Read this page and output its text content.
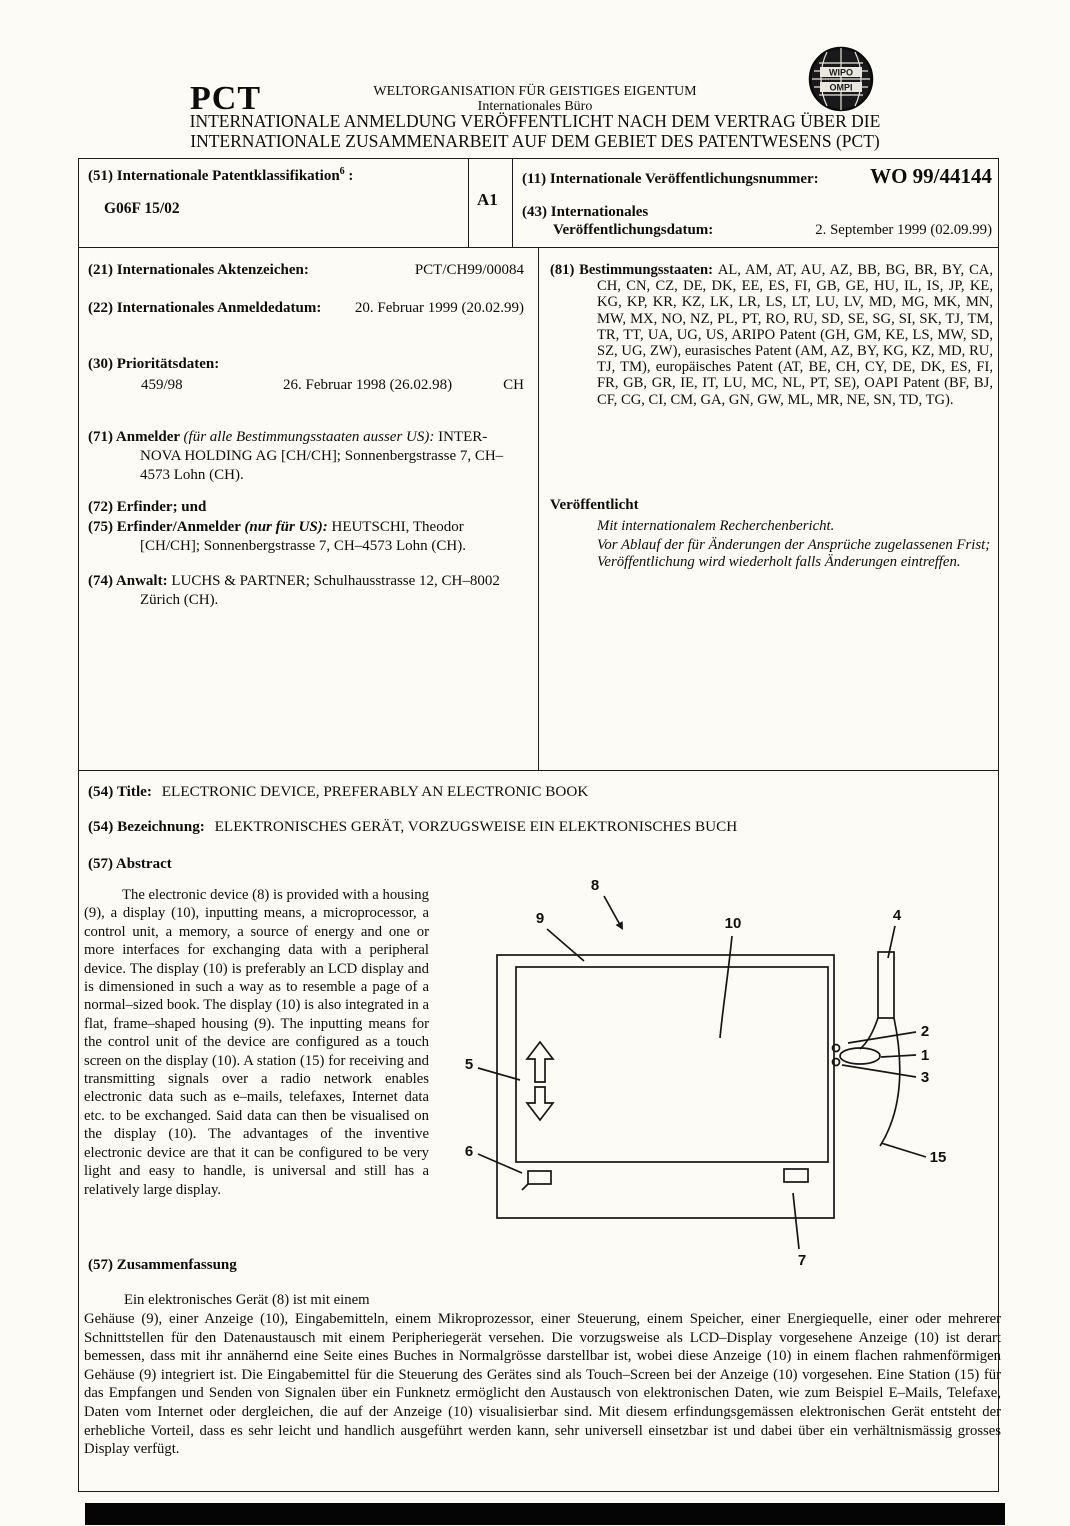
PCT	WELTORGANISATION FÜR GEISTIGES EIGENTUM
Internationales Büro
INTERNATIONALE ANMELDUNG VERÖFFENTLICHT NACH DEM VERTRAG ÜBER DIE
INTERNATIONALE ZUSAMMENARBEIT AUF DEM GEBIET DES PATENTWESENS (PCT)
WIPO
OMPI
(51) Internationale Patentklassifikation$^6$ :
G06F 15/02	A1
(11) Internationale Veröffentlichungsnummer: WO 99/44144
(43) Internationales
Veröffentlichungsdatum:	2. September 1999 (02.09.99)
(21) Internationales Aktenzeichen:	PCT/CH99/00084
(22) Internationales Anmeldedatum: 20. Februar 1999 (20.02.99)
(30) Prioritätsdaten:
459/98	26. Februar 1998 (26.02.98)	CH
(71) Anmelder (für alle Bestimmungsstaaten ausser US): INTER-NOVA HOLDING AG [CH/CH]; Sonnenbergstrasse 7, CH–4573 Lohn (CH).
(72) Erfinder; und
(75) Erfinder/Anmelder (nur für US): HEUTSCHI, Theodor [CH/CH]; Sonnenbergstrasse 7, CH–4573 Lohn (CH).
(74) Anwalt: LUCHS & PARTNER; Schulhausstrasse 12, CH–8002 Zürich (CH).
(81) Bestimmungsstaaten: AL, AM, AT, AU, AZ, BB, BG, BR, BY, CA, CH, CN, CZ, DE, DK, EE, ES, FI, GB, GE, HU, IL, IS, JP, KE, KG, KP, KR, KZ, LK, LR, LS, LT, LU, LV, MD, MG, MK, MN, MW, MX, NO, NZ, PL, PT, RO, RU, SD, SE, SG, SI, SK, TJ, TM, TR, TT, UA, UG, US, ARIPO Patent (GH, GM, KE, LS, MW, SD, SZ, UG, ZW), eurasisches Patent (AM, AZ, BY, KG, KZ, MD, RU, TJ, TM), europäisches Patent (AT, BE, CH, CY, DE, DK, ES, FI, FR, GB, GR, IE, IT, LU, MC, NL, PT, SE), OAPI Patent (BF, BJ, CF, CG, CI, CM, GA, GN, GW, ML, MR, NE, SN, TD, TG).
Veröffentlicht
Mit internationalem Recherchenbericht.
Vor Ablauf der für Änderungen der Ansprüche zugelassenen Frist; Veröffentlichung wird wiederholt falls Änderungen eintreffen.
(54) Title: ELECTRONIC DEVICE, PREFERABLY AN ELECTRONIC BOOK
(54) Bezeichnung: ELEKTRONISCHES GERÄT, VORZUGSWEISE EIN ELEKTRONISCHES BUCH
(57) Abstract
The electronic device (8) is provided with a housing (9), a display (10), inputting means, a microprocessor, a control unit, a memory, a source of energy and one or more interfaces for exchanging data with a peripheral device. The display (10) is preferably an LCD display and is dimensioned in such a way as to resemble a page of a normal–sized book. The display (10) is also integrated in a flat, frame–shaped housing (9). The inputting means for the control unit of the device are configured as a touch screen on the display (10). A station (15) for receiving and transmitting signals over a radio network enables electronic data such as e–mails, telefaxes, Internet data etc. to be exchanged. Said data can then be visualised on the display (10). The advantages of the inventive electronic device are that it can be configured to be very light and easy to handle, is universal and still has a relatively large display.
8
9	10	4
2
1
3
5
6	15
7
(57) Zusammenfassung
Ein elektronisches Gerät (8) ist mit einem
Gehäuse (9), einer Anzeige (10), Eingabemitteln, einem Mikroprozessor, einer Steuerung, einem Speicher, einer Energiequelle, einer oder mehrerer Schnittstellen für den Datenaustausch mit einem Peripheriegerät versehen. Die vorzugsweise als LCD–Display vorgesehene Anzeige (10) ist derart bemessen, dass mit ihr annähernd eine Seite eines Buches in Normalgrösse darstellbar ist, wobei diese Anzeige (10) in einem flachen rahmenförmigen Gehäuse (9) integriert ist. Die Eingabemittel für die Steuerung des Gerätes sind als Touch–Screen bei der Anzeige (10) vorgesehen. Eine Station (15) für das Empfangen und Senden von Signalen über ein Funknetz ermöglicht den Austausch von elektronischen Daten, wie zum Beispiel E–Mails, Telefaxe, Daten vom Internet oder dergleichen, die auf der Anzeige (10) visualisierbar sind. Mit diesem erfindungsgemässen elektronischen Gerät entsteht der erhebliche Vorteil, dass es sehr leicht und handlich ausgeführt werden kann, sehr universell einsetzbar ist und dabei über ein verhältnismässig grosses Display verfügt.
